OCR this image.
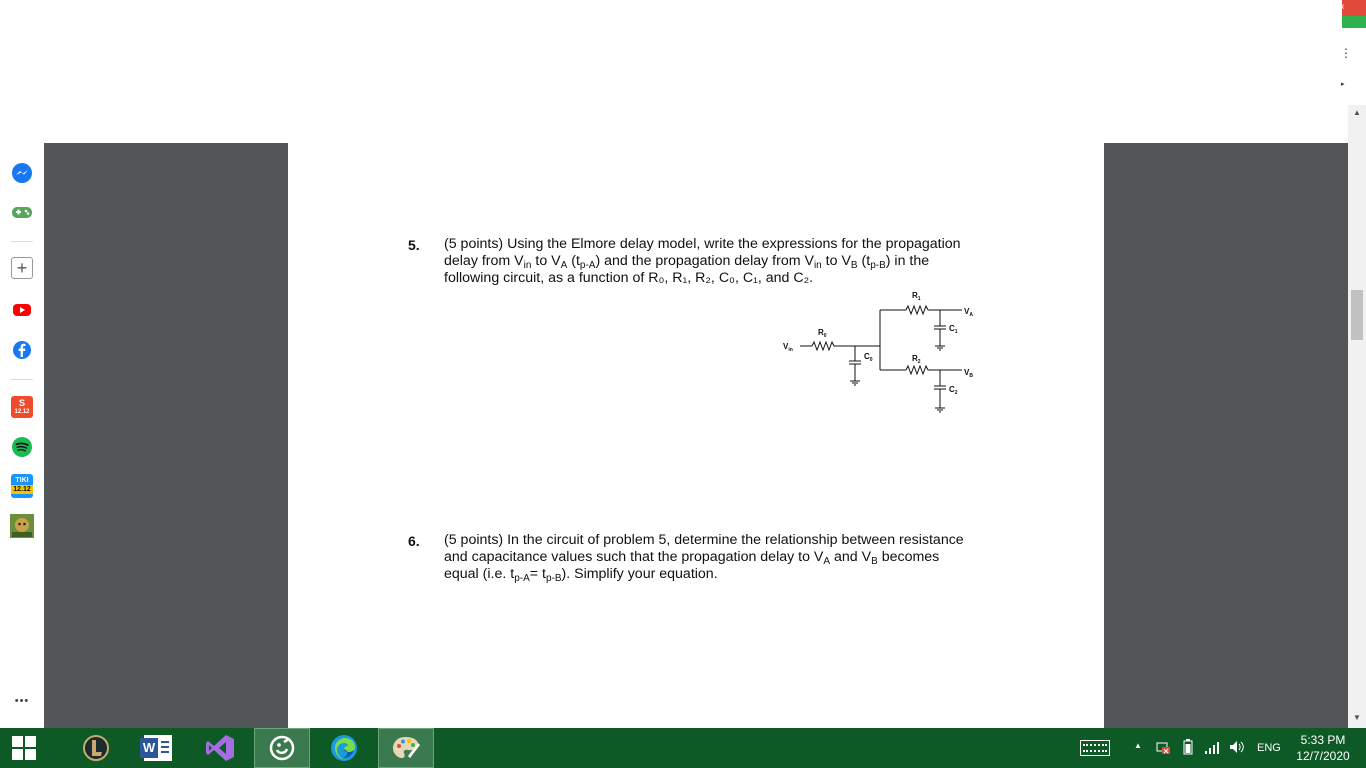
×
⋮
▸
+
S
12.12
TIKI
12.12
•••
5. (5 points) Using the Elmore delay model, write the expressions for the propagation
delay from $V_{in}$ to $V_A$ $(t_{p-A})$ and the propagation delay from $V_{in}$ to $V_B$ $(t_{p-B})$ in the
following circuit, as a function of R₀, R₁, R₂, C₀, C₁, and C₂.
$R_1$
$V_A$
$C_1$
$R_0$
$V_{in}$
$C_0$	$R_2$
$V_B$
$C_2$
6. (5 points) In the circuit of problem 5, determine the relationship between resistance
and capacitance values such that the propagation delay to $V_A$ and $V_B$ becomes
equal (i.e. $t_{p-A}= t_{p-B}$). Simplify your equation.
▲
▼
W	▲	ENG
5:33 PM
12/7/2020
